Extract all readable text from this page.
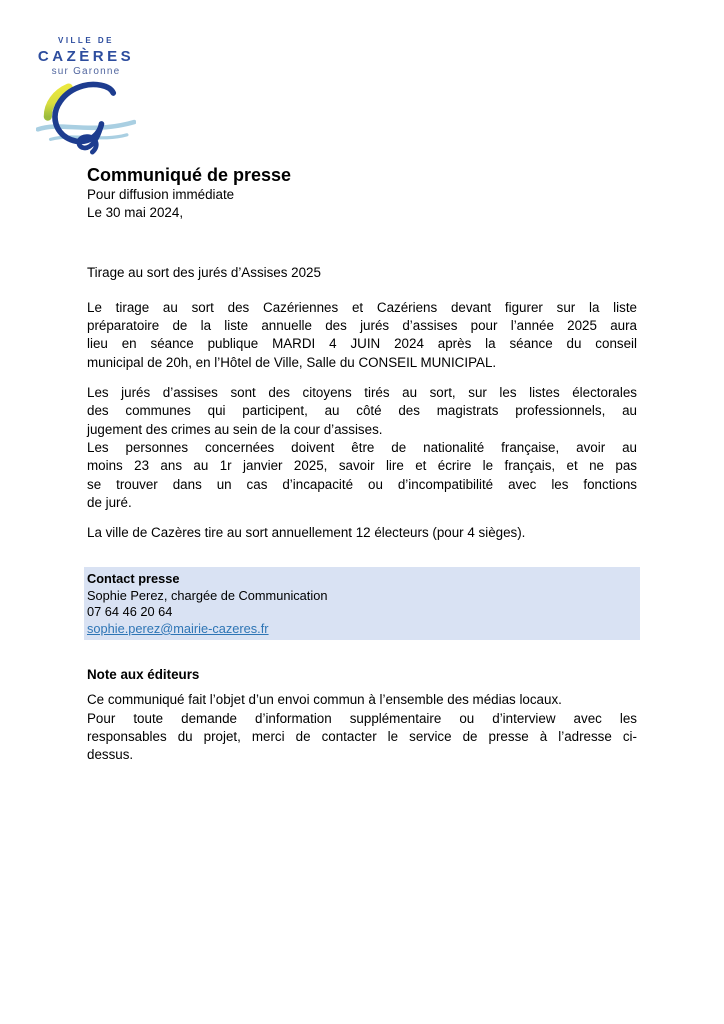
VILLE DE
CAZÈRES
sur Garonne
Communiqué de presse
Pour diffusion immédiate
Le 30 mai 2024,
Tirage au sort des jurés d’Assises 2025
Le tirage au sort des Cazériennes et Cazériens devant figurer sur la liste
préparatoire de la liste annuelle des jurés d’assises pour l’année 2025 aura
lieu en séance publique MARDI 4 JUIN 2024 après la séance du conseil
municipal de 20h, en l’Hôtel de Ville, Salle du CONSEIL MUNICIPAL.
Les jurés d’assises sont des citoyens tirés au sort, sur les listes électorales
des communes qui participent, au côté des magistrats professionnels, au
jugement des crimes au sein de la cour d’assises.
Les personnes concernées doivent être de nationalité française, avoir au
moins 23 ans au 1r janvier 2025, savoir lire et écrire le français, et ne pas
se trouver dans un cas d’incapacité ou d’incompatibilité avec les fonctions
de juré.
La ville de Cazères tire au sort annuellement 12 électeurs (pour 4 sièges).
Contact presse
Sophie Perez, chargée de Communication
07 64 46 20 64
sophie.perez@mairie-cazeres.fr
Note aux éditeurs
Ce communiqué fait l’objet d’un envoi commun à l’ensemble des médias locaux.
Pour toute demande d’information supplémentaire ou d’interview avec les
responsables du projet, merci de contacter le service de presse à l’adresse ci-
dessus.
